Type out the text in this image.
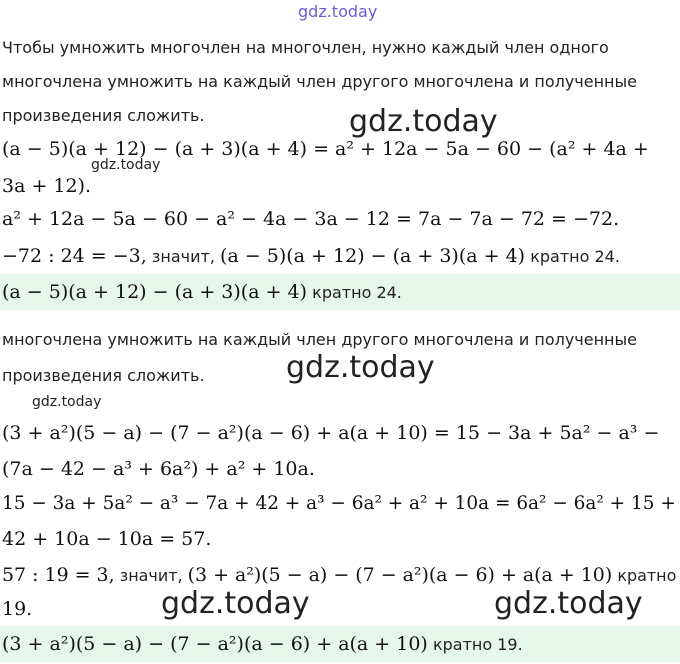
gdz.today
gdz.today
gdz.today
gdz.today
gdz.today
gdz.today	gdz.today
Чтобы умножить многочлен на многочлен, нужно каждый член одного
многочлена умножить на каждый член другого многочлена и полученные
произведения сложить.
(a − 5)(a + 12) − (a + 3)(a + 4) = a² + 12a − 5a − 60 − (a² + 4a +
3a + 12).
a² + 12a − 5a − 60 − a² − 4a − 3a − 12 = 7a − 7a − 72 = −72.
−72 : 24 = −3, значит, (a − 5)(a + 12) − (a + 3)(a + 4) кратно 24.
(a − 5)(a + 12) − (a + 3)(a + 4) кратно 24.
многочлена умножить на каждый член другого многочлена и полученные
произведения сложить.
(3 + a²)(5 − a) − (7 − a²)(a − 6) + a(a + 10) = 15 − 3a + 5a² − a³ −
(7a − 42 − a³ + 6a²) + a² + 10a.
15 − 3a + 5a² − a³ − 7a + 42 + a³ − 6a² + a² + 10a = 6a² − 6a² + 15 +
42 + 10a − 10a = 57.
57 : 19 = 3, значит, (3 + a²)(5 − a) − (7 − a²)(a − 6) + a(a + 10) кратно
19.
(3 + a²)(5 − a) − (7 − a²)(a − 6) + a(a + 10) кратно 19.
